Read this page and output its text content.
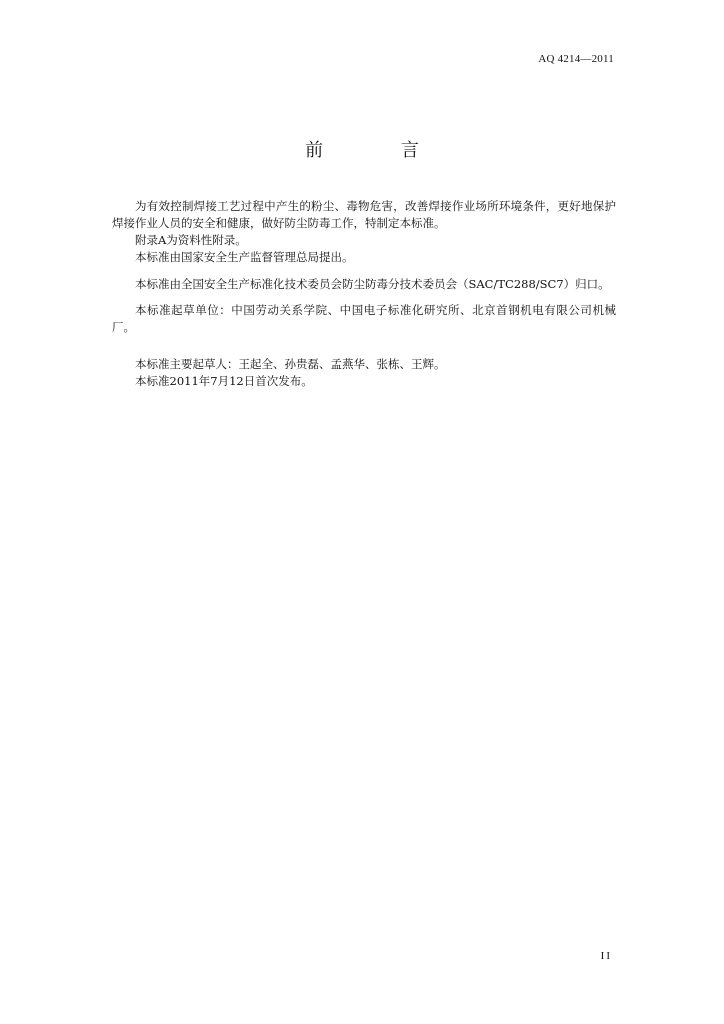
AQ 4214—2011
前 言

为有效控制焊接工艺过程中产生的粉尘、毒物危害，改善焊接作业场所环境条件，更好地保护焊接作业人员的安全和健康，做好防尘防毒工作，特制定本标准。

附录A为资料性附录。

本标准由国家安全生产监督管理总局提出。

本标准由全国安全生产标准化技术委员会防尘防毒分技术委员会（SAC/TC288/SC7）归口。

本标准起草单位：中国劳动关系学院、中国电子标准化研究所、北京首钢机电有限公司机械厂。

本标准主要起草人：王起全、孙贵磊、孟燕华、张栋、王辉。

本标准2011年7月12日首次发布。

II
